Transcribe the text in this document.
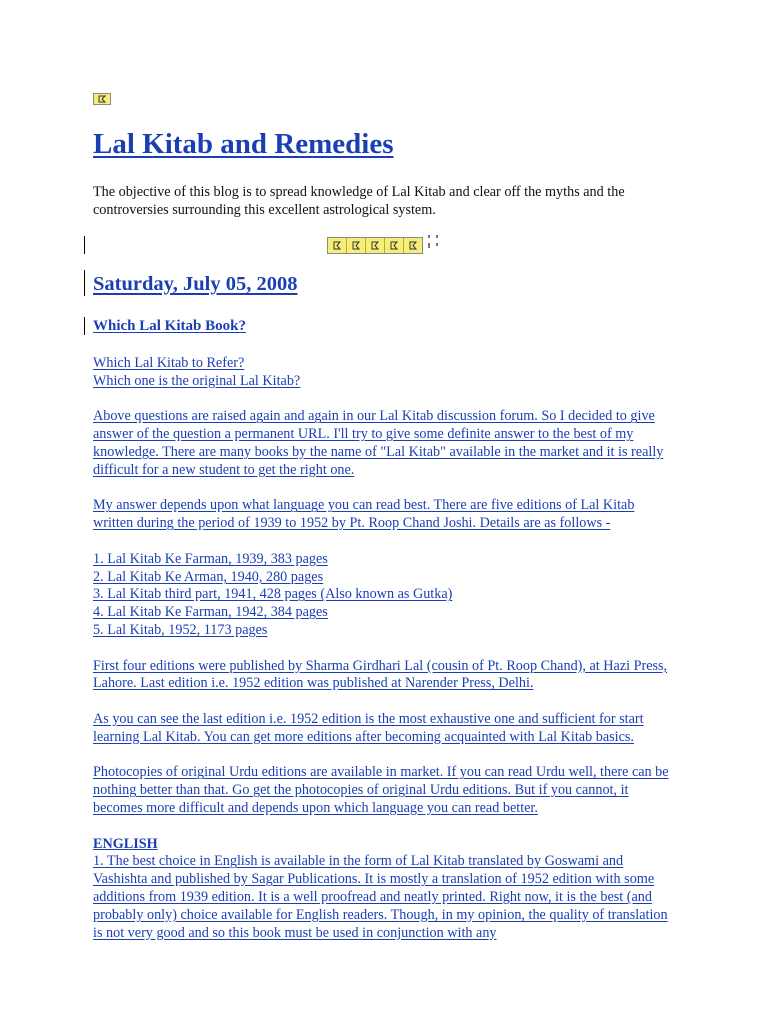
Lal Kitab and Remedies

The objective of this blog is to spread knowledge of Lal Kitab and clear off the myths and the controversies surrounding this excellent astrological system.

Saturday, July 05, 2008
Which Lal Kitab Book?

Which Lal Kitab to Refer?
Which one is the original Lal Kitab?

Above questions are raised again and again in our Lal Kitab discussion forum. So I decided to give answer of the question a permanent URL. I'll try to give some definite answer to the best of my knowledge. There are many books by the name of "Lal Kitab" available in the market and it is really difficult for a new student to get the right one.

My answer depends upon what language you can read best. There are five editions of Lal Kitab written during the period of 1939 to 1952 by Pt. Roop Chand Joshi. Details are as follows -

1. Lal Kitab Ke Farman, 1939, 383 pages
2. Lal Kitab Ke Arman, 1940, 280 pages
3. Lal Kitab third part, 1941, 428 pages (Also known as Gutka)
4. Lal Kitab Ke Farman, 1942, 384 pages
5. Lal Kitab, 1952, 1173 pages

First four editions were published by Sharma Girdhari Lal (cousin of Pt. Roop Chand), at Hazi Press, Lahore. Last edition i.e. 1952 edition was published at Narender Press, Delhi.

As you can see the last edition i.e. 1952 edition is the most exhaustive one and sufficient for start learning Lal Kitab. You can get more editions after becoming acquainted with Lal Kitab basics.

Photocopies of original Urdu editions are available in market. If you can read Urdu well, there can be nothing better than that. Go get the photocopies of original Urdu editions. But if you cannot, it becomes more difficult and depends upon which language you can read better.

ENGLISH
1. The best choice in English is available in the form of Lal Kitab translated by Goswami and Vashishta and published by Sagar Publications. It is mostly a translation of 1952 edition with some additions from 1939 edition. It is a well proofread and neatly printed. Right now, it is the best (and probably only) choice available for English readers. Though, in my opinion, the quality of translation is not very good and so this book must be used in conjunction with any
